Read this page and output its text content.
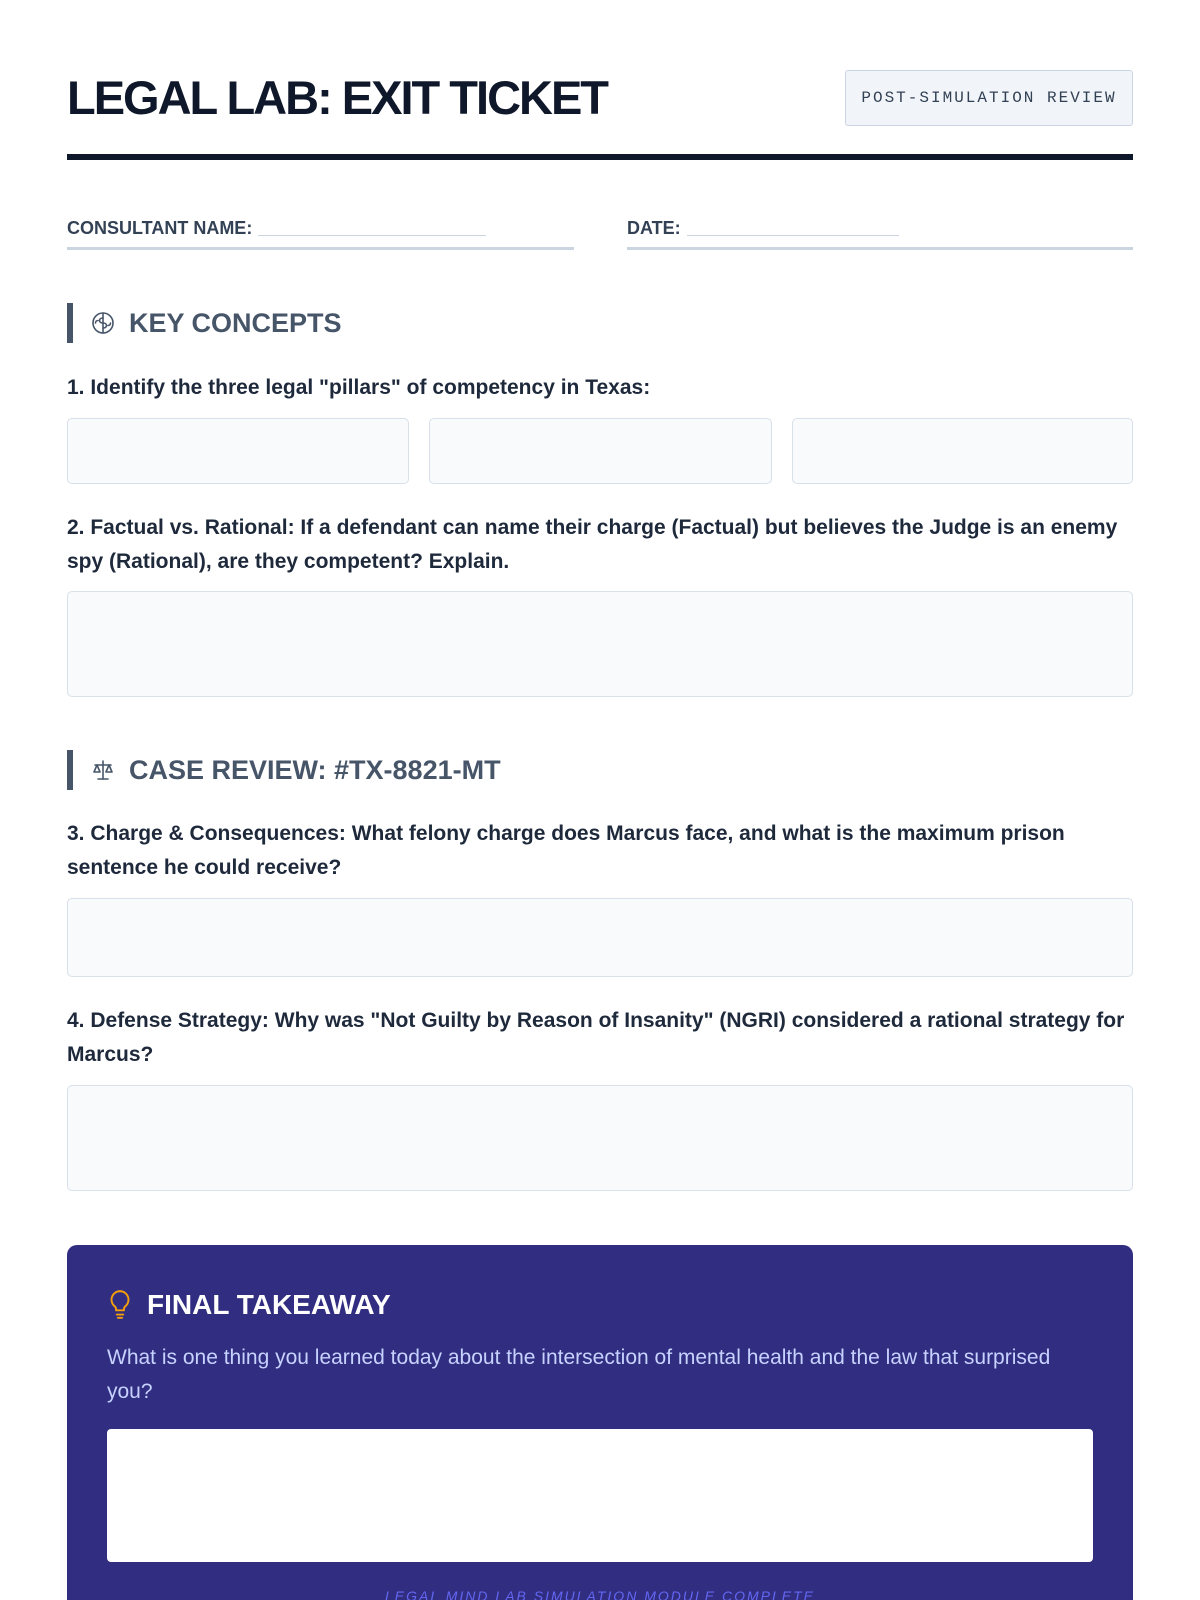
LEGAL LAB: EXIT TICKET	POST-SIMULATION REVIEW
CONSULTANT NAME:	DATE:
KEY CONCEPTS
1. Identify the three legal "pillars" of competency in Texas:
2. Factual vs. Rational: If a defendant can name their charge (Factual) but believes the Judge is an enemy spy (Rational), are they competent? Explain.
CASE REVIEW: #TX-8821-MT
3. Charge & Consequences: What felony charge does Marcus face, and what is the maximum prison sentence he could receive?
4. Defense Strategy: Why was "Not Guilty by Reason of Insanity" (NGRI) considered a rational strategy for Marcus?
FINAL TAKEAWAY
What is one thing you learned today about the intersection of mental health and the law that surprised you?
LEGAL MIND LAB SIMULATION MODULE COMPLETE
